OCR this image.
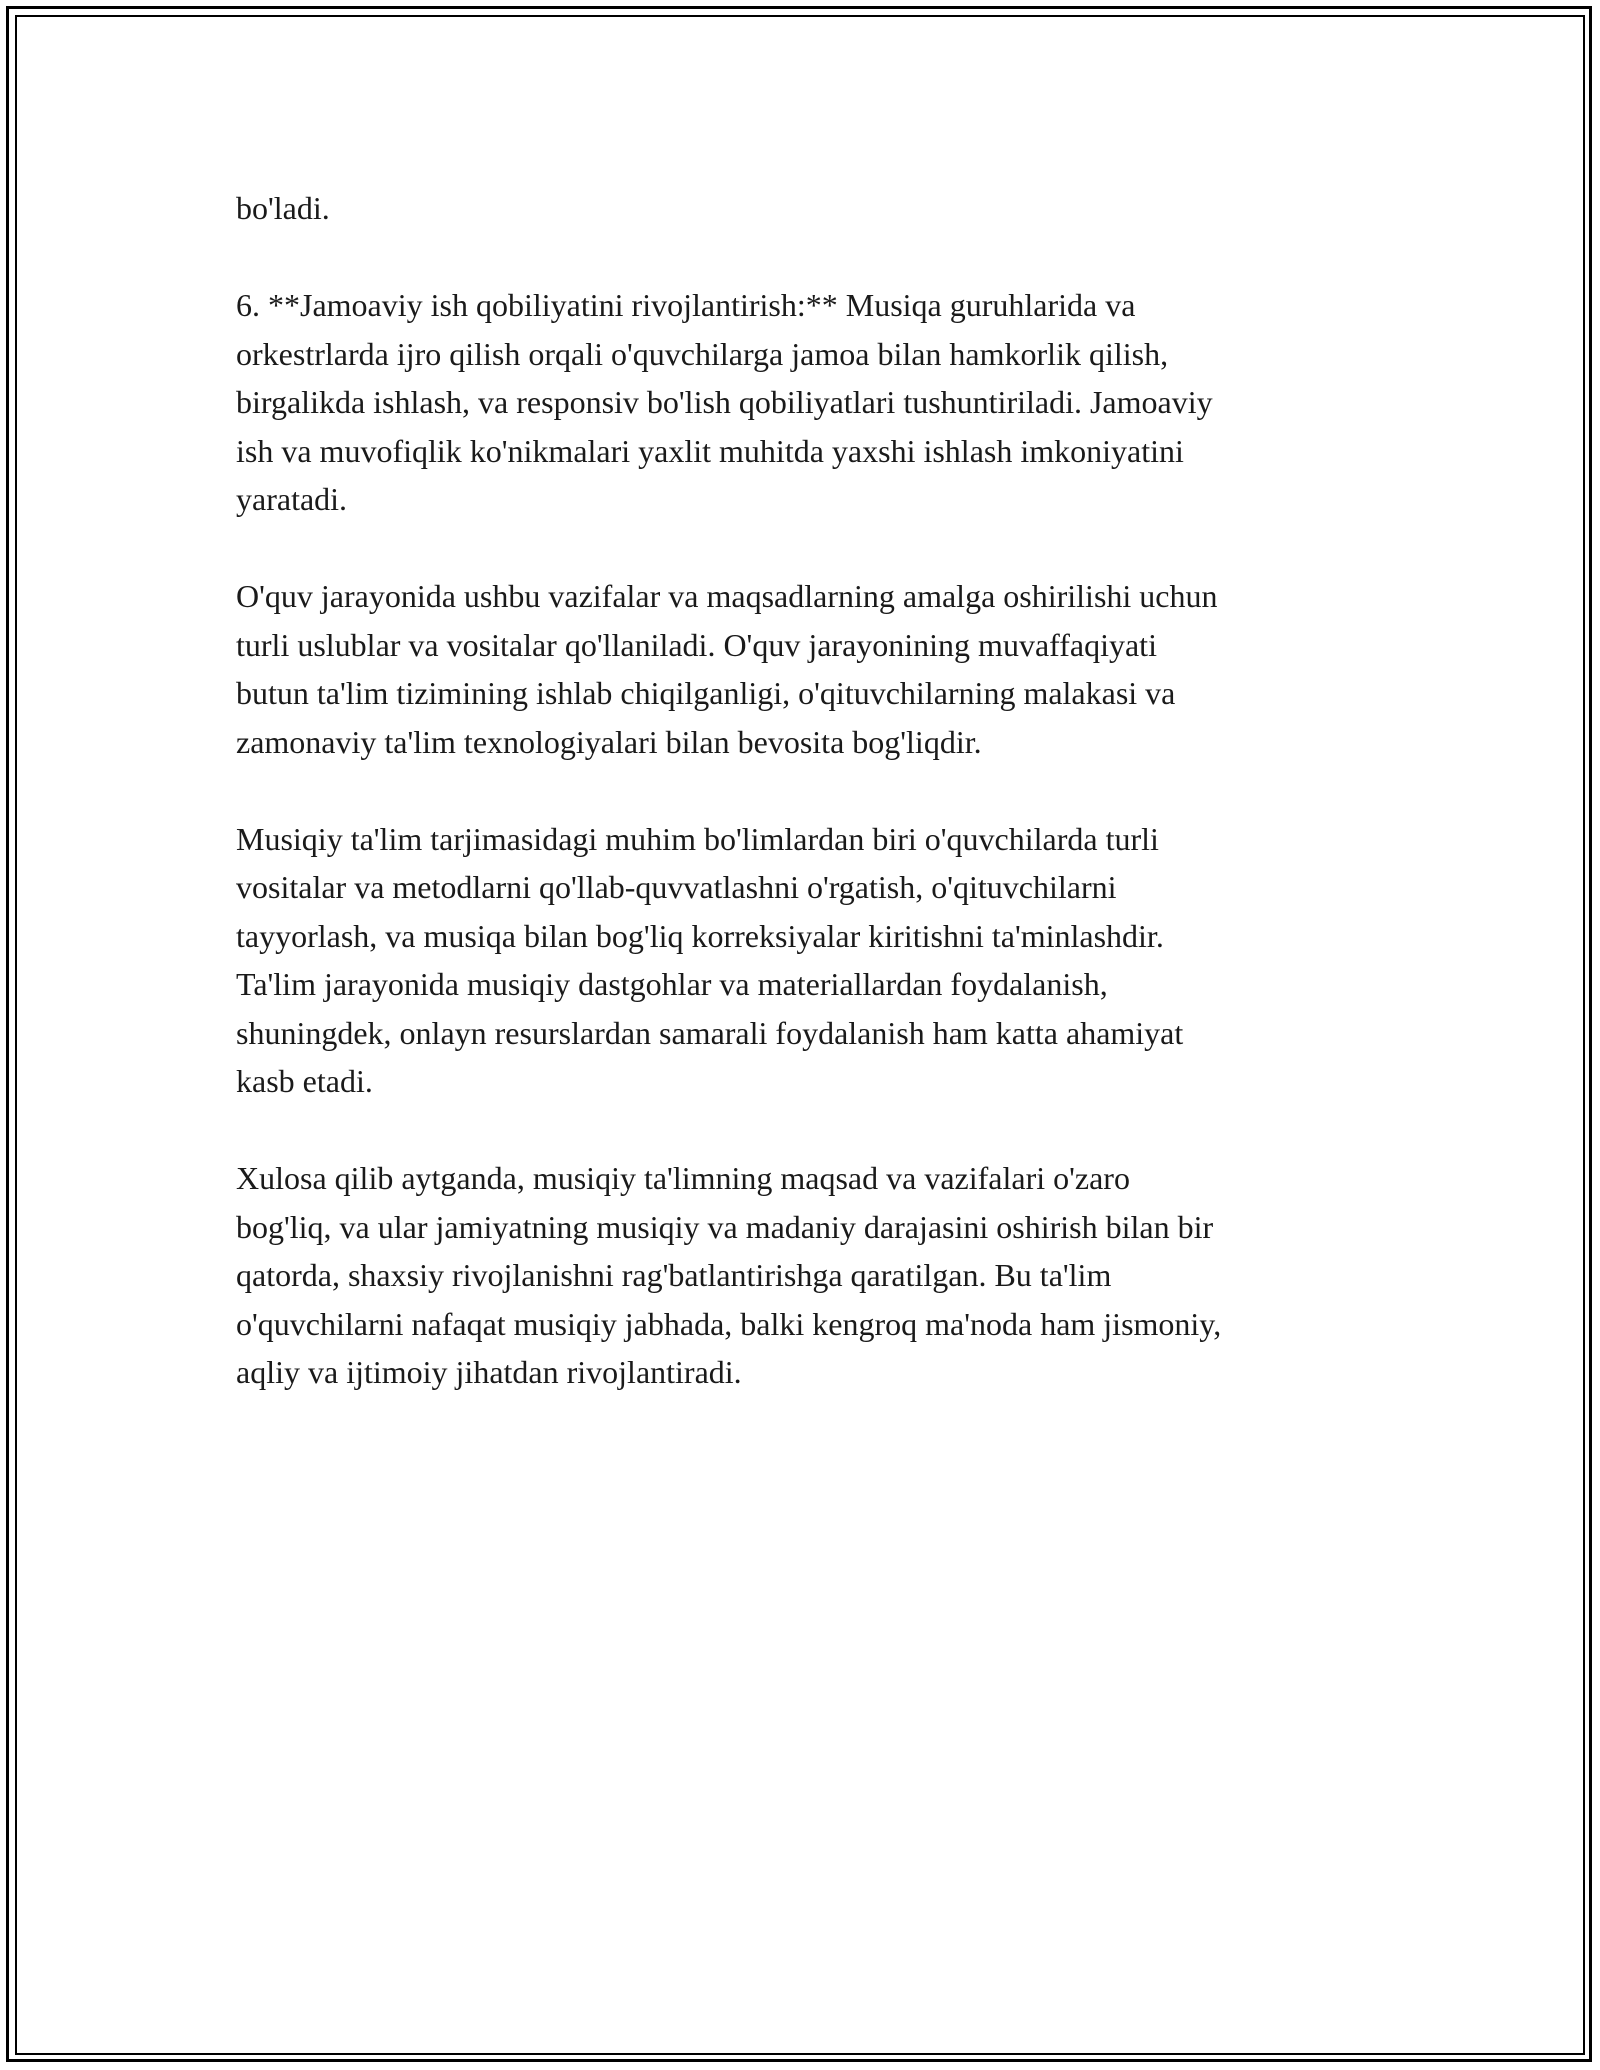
bo'ladi.

6. **Jamoaviy ish qobiliyatini rivojlantirish:** Musiqa guruhlarida va
orkestrlarda ijro qilish orqali o'quvchilarga jamoa bilan hamkorlik qilish,
birgalikda ishlash, va responsiv bo'lish qobiliyatlari tushuntiriladi. Jamoaviy
ish va muvofiqlik ko'nikmalari yaxlit muhitda yaxshi ishlash imkoniyatini
yaratadi.

O'quv jarayonida ushbu vazifalar va maqsadlarning amalga oshirilishi uchun
turli uslublar va vositalar qo'llaniladi. O'quv jarayonining muvaffaqiyati
butun ta'lim tizimining ishlab chiqilganligi, o'qituvchilarning malakasi va
zamonaviy ta'lim texnologiyalari bilan bevosita bog'liqdir.

Musiqiy ta'lim tarjimasidagi muhim bo'limlardan biri o'quvchilarda turli
vositalar va metodlarni qo'llab-quvvatlashni o'rgatish, o'qituvchilarni
tayyorlash, va musiqa bilan bog'liq korreksiyalar kiritishni ta'minlashdir.
Ta'lim jarayonida musiqiy dastgohlar va materiallardan foydalanish,
shuningdek, onlayn resurslardan samarali foydalanish ham katta ahamiyat
kasb etadi.

Xulosa qilib aytganda, musiqiy ta'limning maqsad va vazifalari o'zaro
bog'liq, va ular jamiyatning musiqiy va madaniy darajasini oshirish bilan bir
qatorda, shaxsiy rivojlanishni rag'batlantirishga qaratilgan. Bu ta'lim
o'quvchilarni nafaqat musiqiy jabhada, balki kengroq ma'noda ham jismoniy,
aqliy va ijtimoiy jihatdan rivojlantiradi.
